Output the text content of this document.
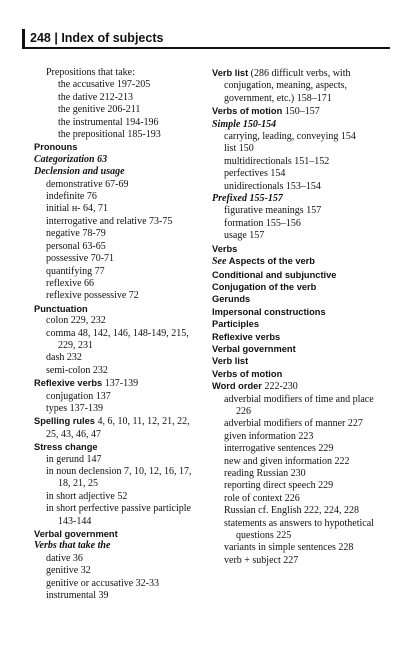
248 | Index of subjects
Prepositions that take:
the accusative 197-205
the dative 212-213
the genitive 206-211
the instrumental 194-196
the prepositional 185-193
Pronouns
Categorization 63
Declension and usage
demonstrative 67-69
indefinite 76
initial н- 64, 71
interrogative and relative 73-75
negative 78-79
personal 63-65
possessive 70-71
quantifying 77
reflexive 66
reflexive possessive 72
Punctuation
colon 229, 232
comma 48, 142, 146, 148-149, 215, 229, 231
dash 232
semi-colon 232
Reflexive verbs 137-139
conjugation 137
types 137-139
Spelling rules 4, 6, 10, 11, 12, 21, 22, 25, 43, 46, 47
Stress change
in gerund 147
in noun declension 7, 10, 12, 16, 17, 18, 21, 25
in short adjective 52
in short perfective passive participle 143-144
Verbal government
Verbs that take the
dative 36
genitive 32
genitive or accusative 32-33
instrumental 39
Verb list (286 difficult verbs, with conjugation, meaning, aspects, government, etc.) 158–171
Verbs of motion 150–157
Simple 150-154
carrying, leading, conveying 154
list 150
multidirectionals 151–152
perfectives 154
unidirectionals 153–154
Prefixed 155-157
figurative meanings 157
formation 155–156
usage 157
Verbs
See Aspects of the verb
Conditional and subjunctive
Conjugation of the verb
Gerunds
Impersonal constructions
Participles
Reflexive verbs
Verbal government
Verb list
Verbs of motion
Word order 222-230
adverbial modifiers of time and place 226
adverbial modifiers of manner 227
given information 223
interrogative sentences 229
new and given information 222
reading Russian 230
reporting direct speech 229
role of context 226
Russian cf. English 222, 224, 228
statements as answers to hypothetical questions 225
variants in simple sentences 228
verb + subject 227
